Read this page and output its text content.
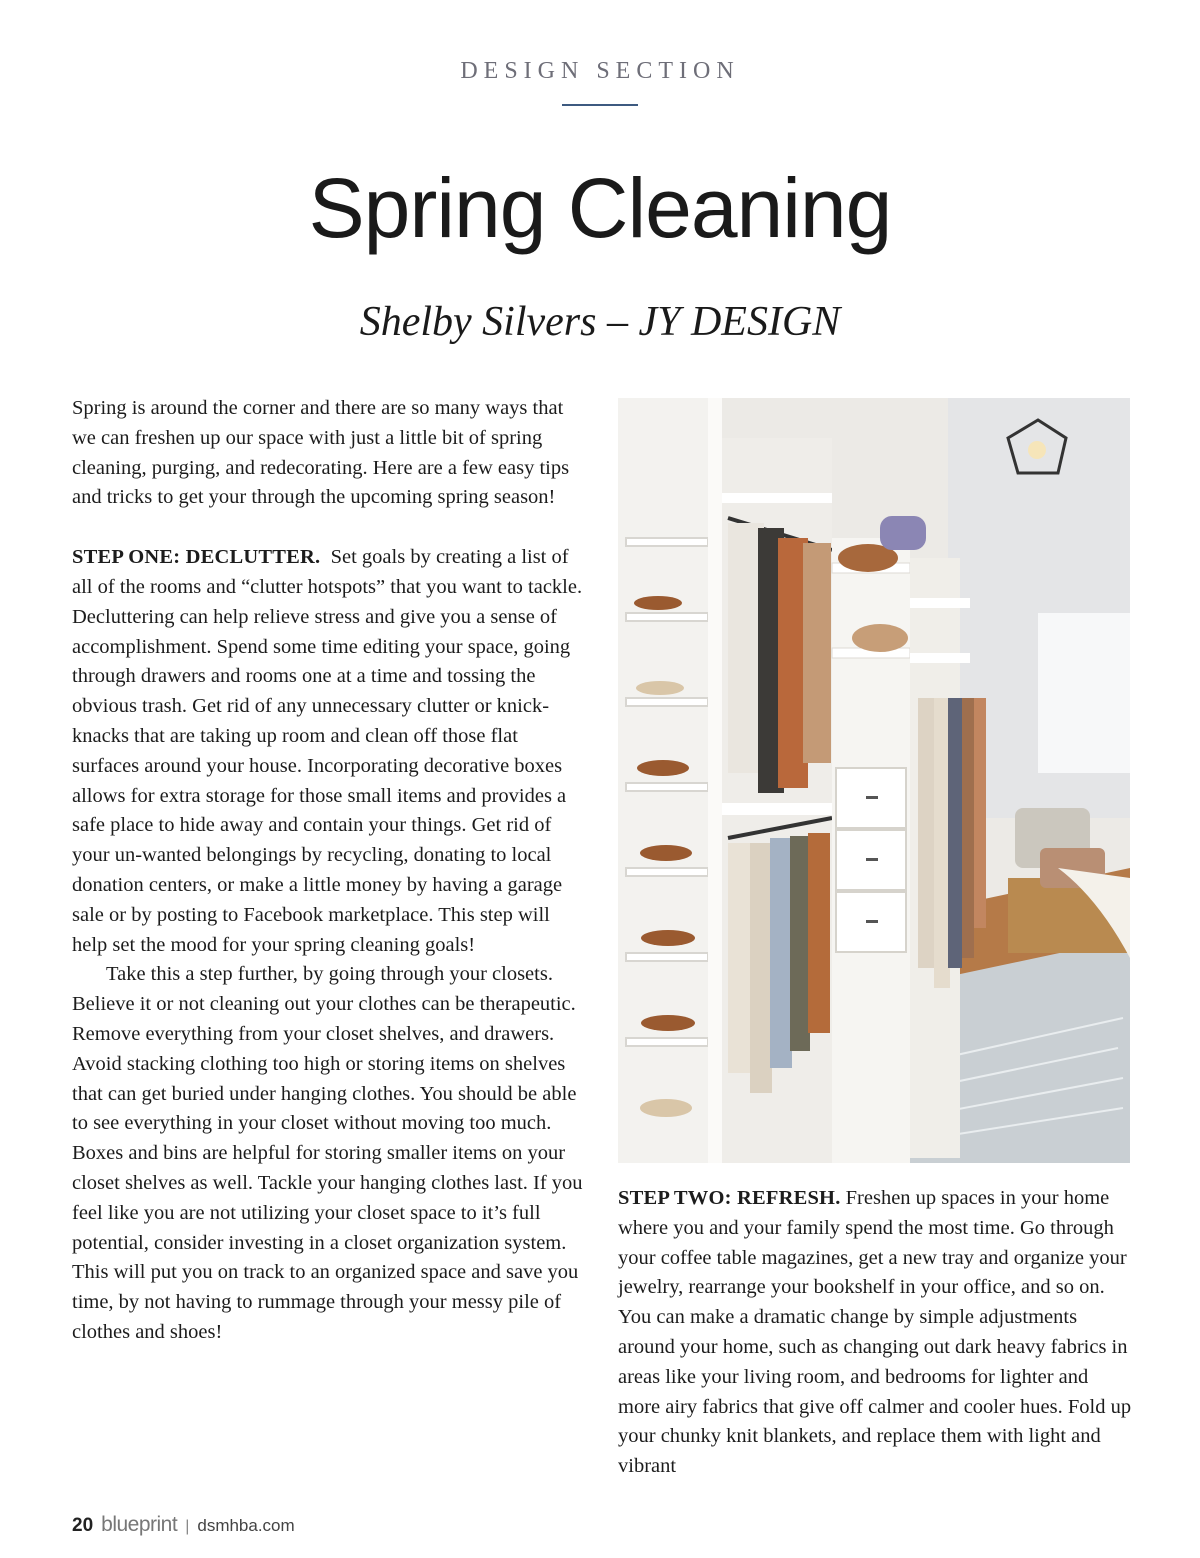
DESIGN SECTION
Spring Cleaning
Shelby Silvers – JY DESIGN

Spring is around the corner and there are so many ways that we can freshen up our space with just a little bit of spring cleaning, purging, and redecorating. Here are a few easy tips and tricks to get your through the upcoming spring season!

STEP ONE: DECLUTTER. Set goals by creating a list of all of the rooms and “clutter hotspots” that you want to tackle. Decluttering can help relieve stress and give you a sense of accomplishment. Spend some time editing your space, going through drawers and rooms one at a time and tossing the obvious trash. Get rid of any unnecessary clutter or knick-knacks that are taking up room and clean off those flat surfaces around your house. Incorporating decorative boxes allows for extra storage for those small items and provides a safe place to hide away and contain your things. Get rid of your un-wanted belongings by recycling, donating to local donation centers, or make a little money by having a garage sale or by posting to Facebook marketplace. This step will help set the mood for your spring cleaning goals!

Take this a step further, by going through your closets. Believe it or not cleaning out your clothes can be therapeutic. Remove everything from your closet shelves, and drawers. Avoid stacking clothing too high or storing items on shelves that can get buried under hanging clothes. You should be able to see everything in your closet without moving too much. Boxes and bins are helpful for storing smaller items on your closet shelves as well. Tackle your hanging clothes last. If you feel like you are not utilizing your closet space to it’s full potential, consider investing in a closet organization system. This will put you on track to an organized space and save you time, by not having to rummage through your messy pile of clothes and shoes!

STEP TWO: REFRESH. Freshen up spaces in your home where you and your family spend the most time. Go through your coffee table magazines, get a new tray and organize your jewelry, rearrange your bookshelf in your office, and so on. You can make a dramatic change by simple adjustments around your home, such as changing out dark heavy fabrics in areas like your living room, and bedrooms for lighter and more airy fabrics that give off calmer and cooler hues. Fold up your chunky knit blankets, and replace them with light and vibrant

20 blueprint | dsmhba.com
